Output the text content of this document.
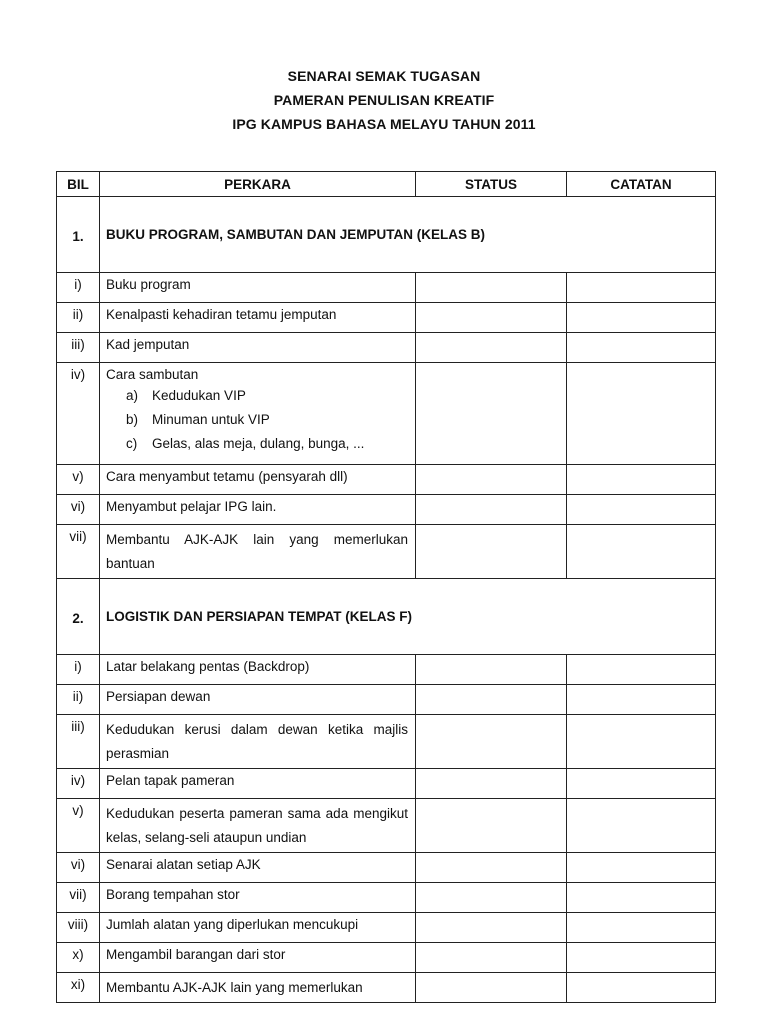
SENARAI SEMAK TUGASAN
PAMERAN PENULISAN KREATIF
IPG KAMPUS BAHASA MELAYU TAHUN 2011
BIL	PERKARA	STATUS	CATATAN
1.	BUKU PROGRAM, SAMBUTAN DAN JEMPUTAN (KELAS B)		
i)	Buku program		

ii)	Kenalpasti kehadiran tetamu jemputan		

iii)	Kad jemputan		

iv)	Cara sambutan
a) Kedudukan VIP
b) Minuman untuk VIP
c) Gelas, alas meja, dulang, bunga, ...		

v)	Cara menyambut tetamu (pensyarah dll)		

vi)	Menyambut pelajar IPG lain.		

vii)	Membantu AJK-AJK lain yang memerlukan bantuan		
2.	LOGISTIK DAN PERSIAPAN TEMPAT (KELAS F)		
i)	Latar belakang pentas (Backdrop)		

ii)	Persiapan dewan		

iii)	Kedudukan kerusi dalam dewan ketika majlis perasmian		
iv)	Pelan tapak pameran		

v)	Kedudukan peserta pameran sama ada mengikut kelas, selang-seli ataupun undian		
vi)	Senarai alatan setiap AJK		

vii)	Borang tempahan stor		

viii)	Jumlah alatan yang diperlukan mencukupi		

x)	Mengambil barangan dari stor		

xi)	Membantu AJK-AJK lain yang memerlukan		
